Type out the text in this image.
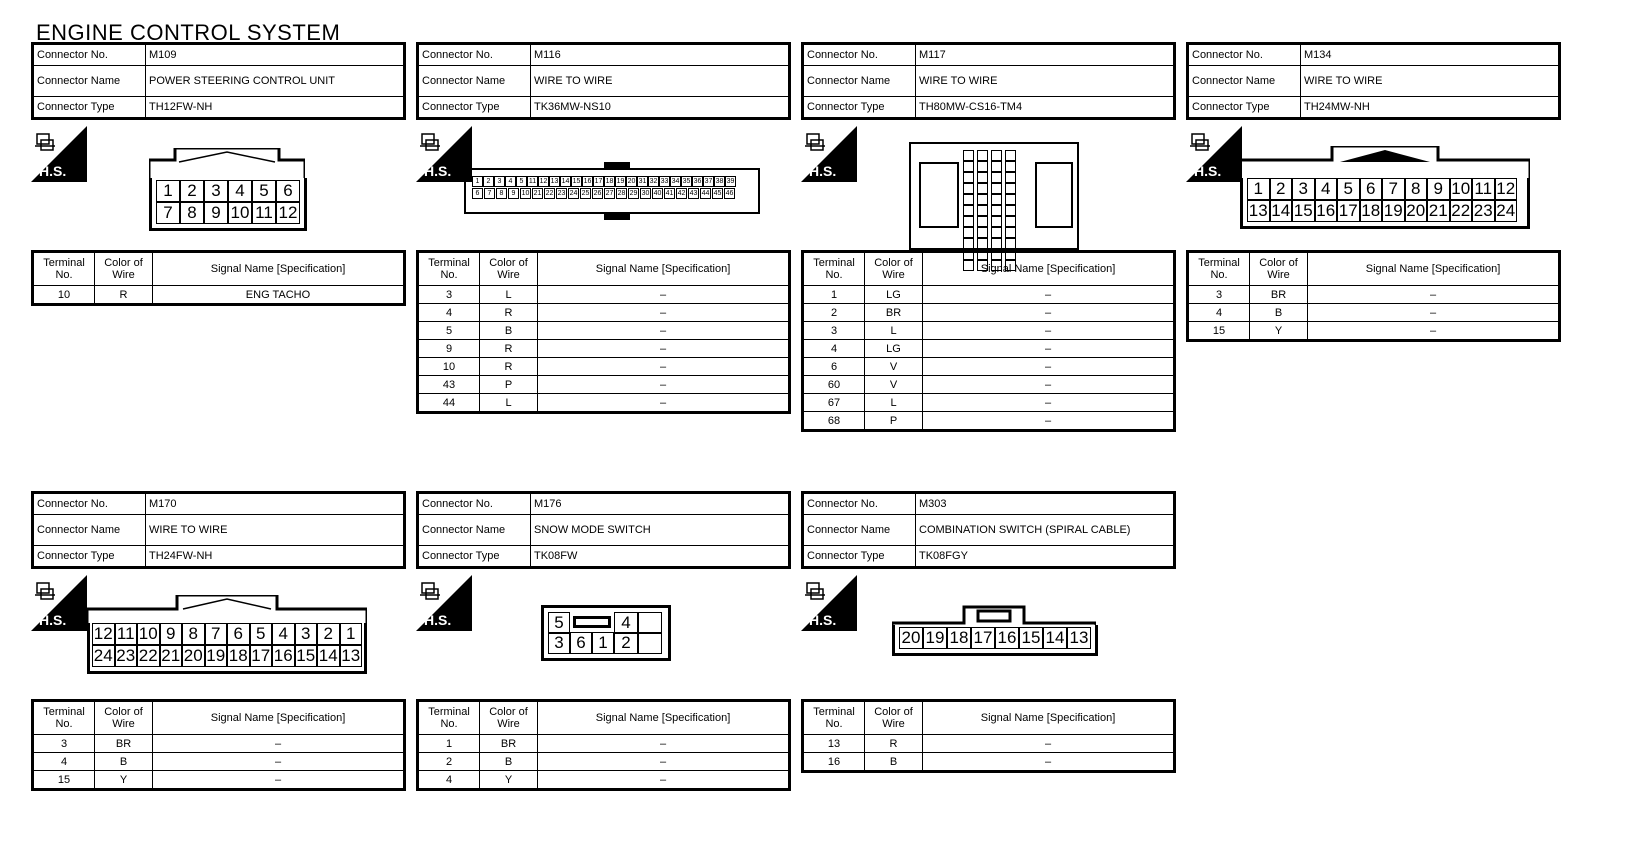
ENGINE CONTROL SYSTEM
Connector No.	M109
Connector Name	POWER STEERING CONTROL UNIT
Connector Type	TH12FW-NH
H.S.
1 2 3 4 5 6
7 8 9 10 11 12
Terminal No.	Color of Wire	Signal Name [Specification]
10	R	ENG TACHO
Connector No.	M116
Connector Name	WIRE TO WIRE
Connector Type	TK36MW-NS10
H.S.
1	2	3	4	5 11 12 13 14 15 16 17 18 19 20 31 32 33 34 35 36 37 38 39
6	7	8	9 10 21 22 23 24 25 26 27 28 29 30 40 41 42 43 44 45 46
Terminal No.	Color of Wire	Signal Name [Specification]
3	L	–
4	R	–
5	B	–
9	R	–
10	R	–
43	P	–
44	L	–
Connector No.	M117
Connector Name	WIRE TO WIRE
Connector Type	TH80MW-CS16-TM4
H.S.
Terminal No.	Color of Wire	Signal Name [Specification]
1	LG	–
2	BR	–
3	L	–
4	LG	–
6	V	–
60	V	–
67	L	–
68	P	–
Connector No.	M134
Connector Name	WIRE TO WIRE
Connector Type	TH24MW-NH
H.S.
1 2 3 4 5 6 7 8 9 10 11 12
13 14 15 16 17 18 19 20 21 22 23 24
Terminal No.	Color of Wire	Signal Name [Specification]
3	BR	–
4	B	–
15	Y	–
Connector No.	M170
Connector Name	WIRE TO WIRE
Connector Type	TH24FW-NH
H.S.
12 11 10 9 8 7 6 5 4 3 2 1
24 23 22 21 20 19 18 17 16 15 14 13
Terminal No.	Color of Wire	Signal Name [Specification]
3	BR	–
4	B	–
15	Y	–
Connector No.	M176
Connector Name	SNOW MODE SWITCH
Connector Type	TK08FW
H.S.	5	4
3 6 1 2
Terminal No.	Color of Wire	Signal Name [Specification]
1	BR	–
2	B	–
4	Y	–
Connector No.	M303
Connector Name	COMBINATION SWITCH (SPIRAL CABLE)
Connector Type	TK08FGY
H.S.
20 19 18 17 16 15 14 13
Terminal No.	Color of Wire	Signal Name [Specification]
13	R	–
16	B	–
